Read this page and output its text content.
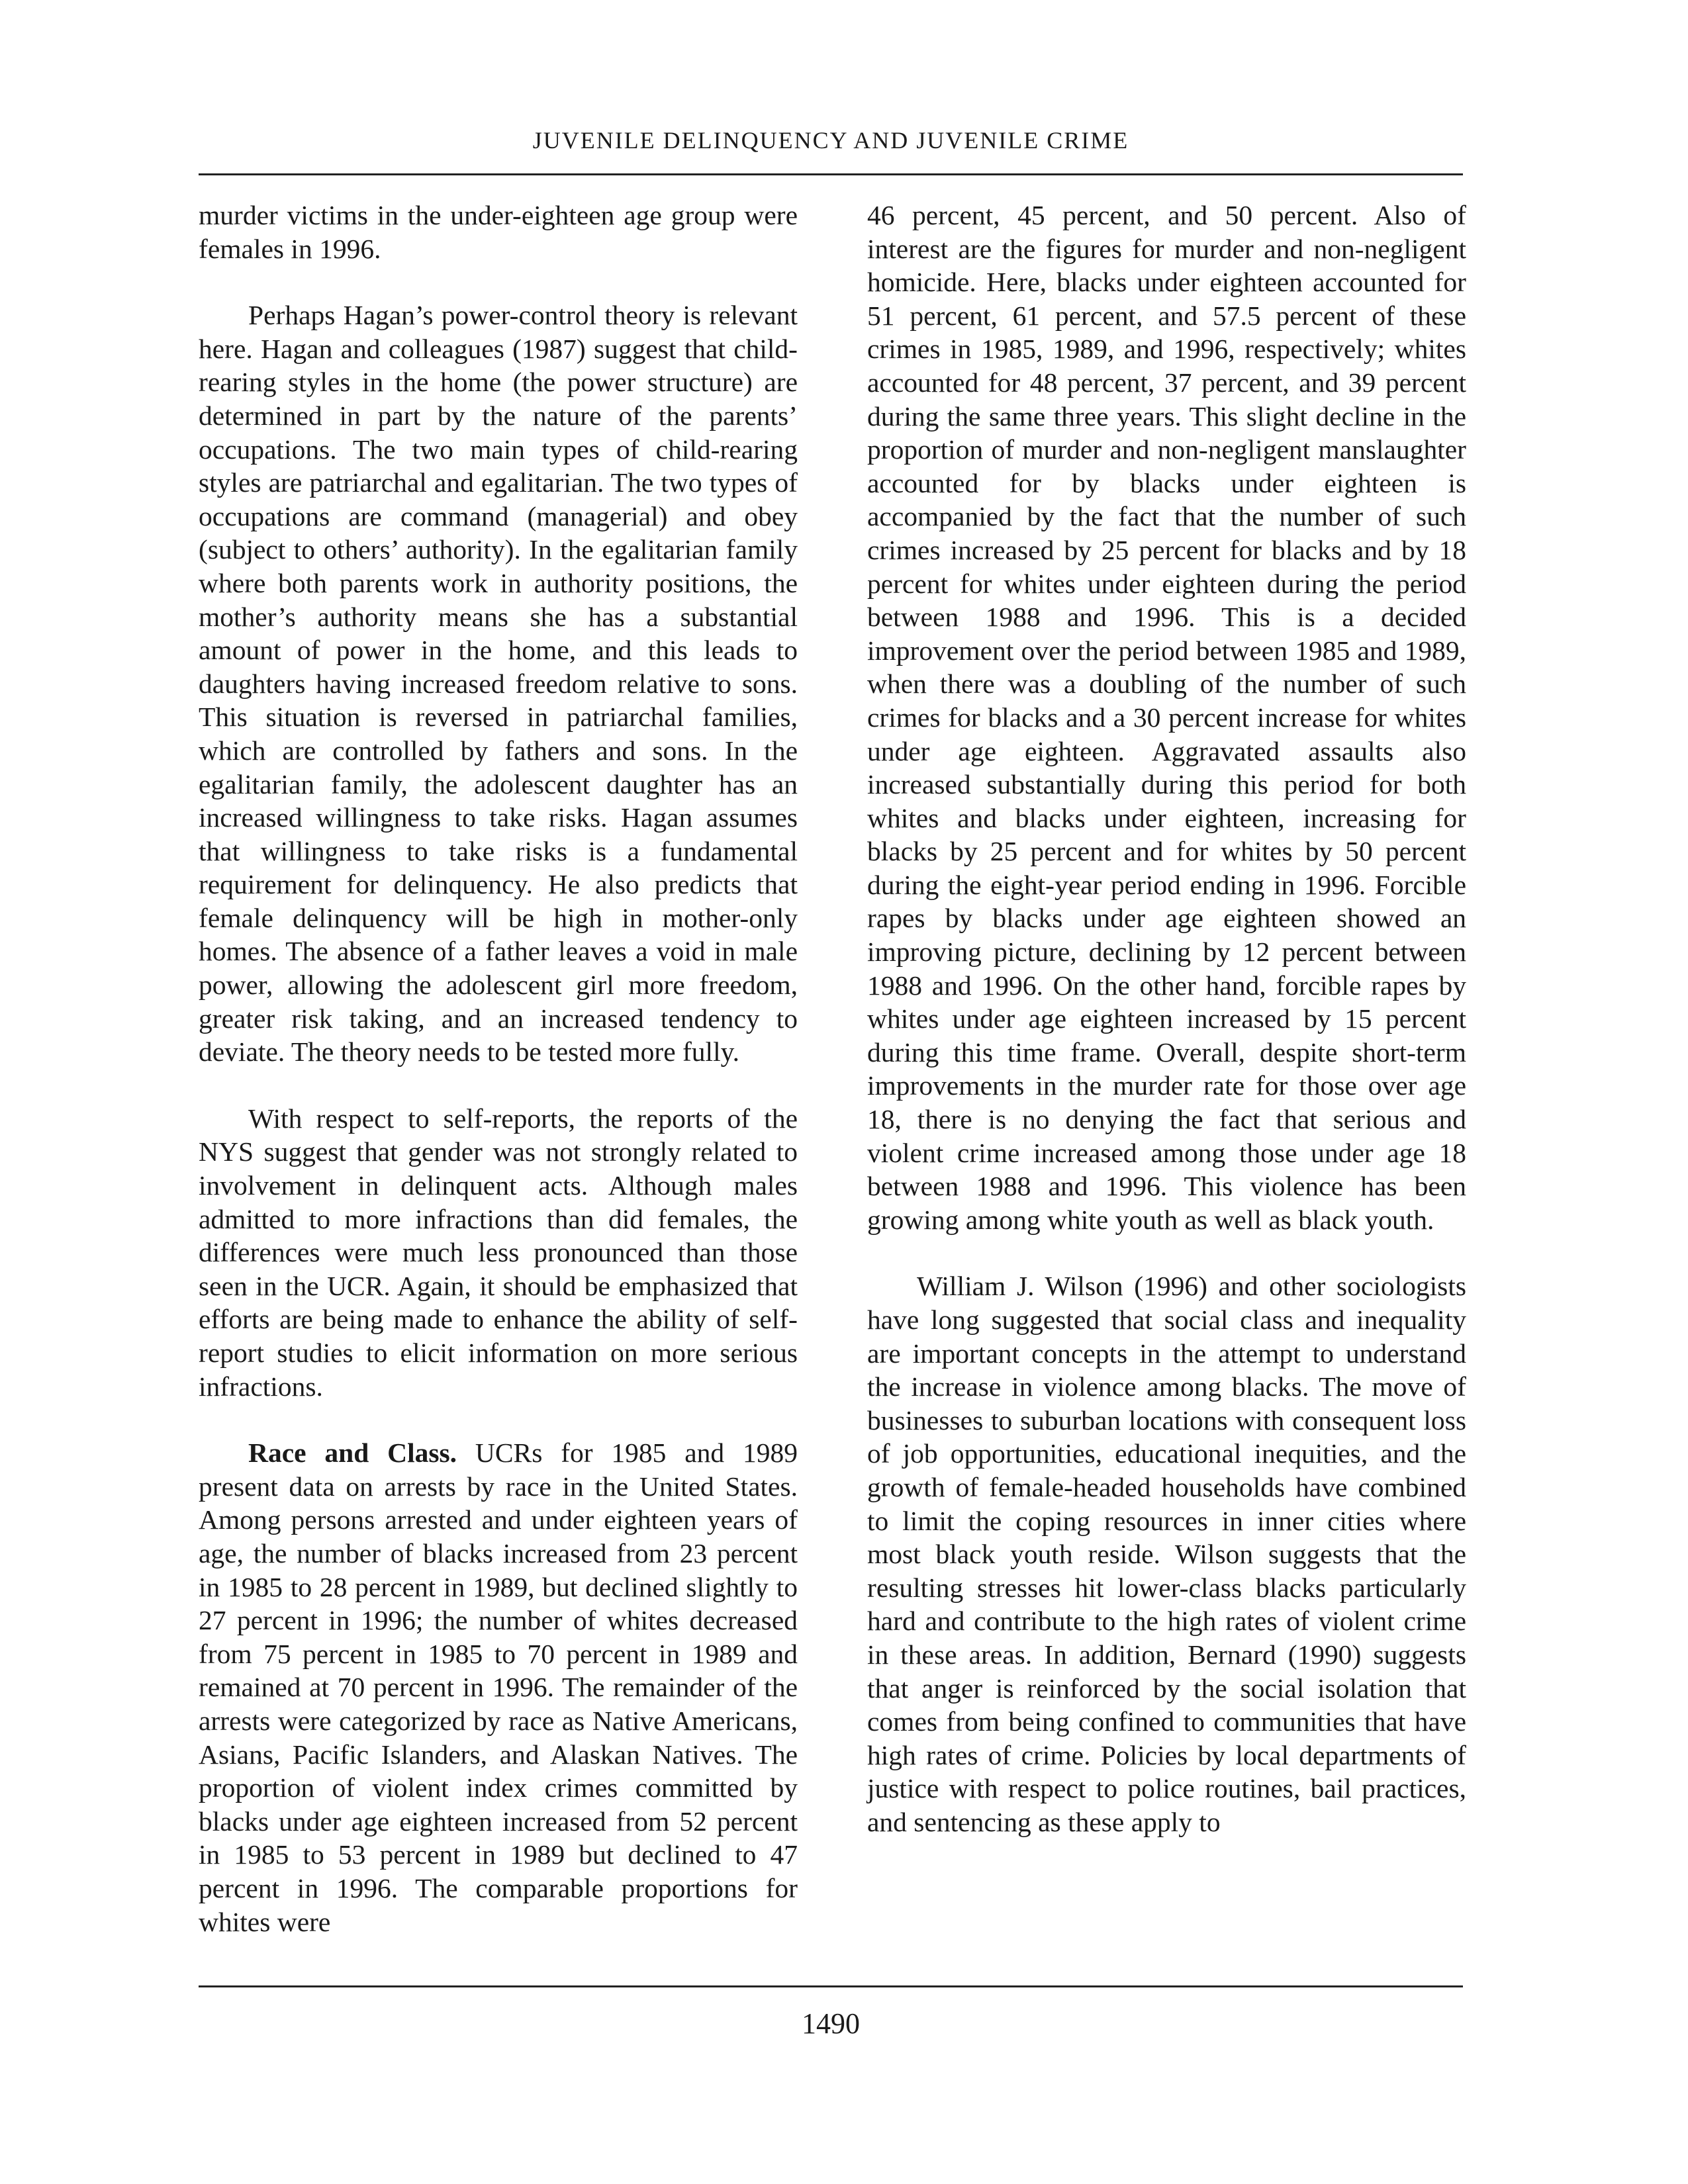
JUVENILE DELINQUENCY AND JUVENILE CRIME

murder victims in the under-eighteen age group were females in 1996.

Perhaps Hagan’s power-control theory is relevant here. Hagan and colleagues (1987) suggest that child-rearing styles in the home (the power structure) are determined in part by the nature of the parents’ occupations. The two main types of child-rearing styles are patriarchal and egalitarian. The two types of occupations are command (managerial) and obey (subject to others’ authority). In the egalitarian family where both parents work in authority positions, the mother’s authority means she has a substantial amount of power in the home, and this leads to daughters having increased freedom relative to sons. This situation is reversed in patriarchal families, which are controlled by fathers and sons. In the egalitarian family, the adolescent daughter has an increased willingness to take risks. Hagan assumes that willingness to take risks is a fundamental requirement for delinquency. He also predicts that female delinquency will be high in mother-only homes. The absence of a father leaves a void in male power, allowing the adolescent girl more freedom, greater risk taking, and an increased tendency to deviate. The theory needs to be tested more fully.

With respect to self-reports, the reports of the NYS suggest that gender was not strongly related to involvement in delinquent acts. Although males admitted to more infractions than did females, the differences were much less pronounced than those seen in the UCR. Again, it should be emphasized that efforts are being made to enhance the ability of self-report studies to elicit information on more serious infractions.

Race and Class. UCRs for 1985 and 1989 present data on arrests by race in the United States. Among persons arrested and under eighteen years of age, the number of blacks increased from 23 percent in 1985 to 28 percent in 1989, but declined slightly to 27 percent in 1996; the number of whites decreased from 75 percent in 1985 to 70 percent in 1989 and remained at 70 percent in 1996. The remainder of the arrests were categorized by race as Native Americans, Asians, Pacific Islanders, and Alaskan Natives. The proportion of violent index crimes committed by blacks under age eighteen increased from 52 percent in 1985 to 53 percent in 1989 but declined to 47 percent in 1996. The comparable proportions for whites were

46 percent, 45 percent, and 50 percent. Also of interest are the figures for murder and non-negligent homicide. Here, blacks under eighteen accounted for 51 percent, 61 percent, and 57.5 percent of these crimes in 1985, 1989, and 1996, respectively; whites accounted for 48 percent, 37 percent, and 39 percent during the same three years. This slight decline in the proportion of murder and non-negligent manslaughter accounted for by blacks under eighteen is accompanied by the fact that the number of such crimes increased by 25 percent for blacks and by 18 percent for whites under eighteen during the period between 1988 and 1996. This is a decided improvement over the period between 1985 and 1989, when there was a doubling of the number of such crimes for blacks and a 30 percent increase for whites under age eighteen. Aggravated assaults also increased substantially during this period for both whites and blacks under eighteen, increasing for blacks by 25 percent and for whites by 50 percent during the eight-year period ending in 1996. Forcible rapes by blacks under age eighteen showed an improving picture, declining by 12 percent between 1988 and 1996. On the other hand, forcible rapes by whites under age eighteen increased by 15 percent during this time frame. Overall, despite short-term improvements in the murder rate for those over age 18, there is no denying the fact that serious and violent crime increased among those under age 18 between 1988 and 1996. This violence has been growing among white youth as well as black youth.

William J. Wilson (1996) and other sociologists have long suggested that social class and inequality are important concepts in the attempt to understand the increase in violence among blacks. The move of businesses to suburban locations with consequent loss of job opportunities, educational inequities, and the growth of female-headed households have combined to limit the coping resources in inner cities where most black youth reside. Wilson suggests that the resulting stresses hit lower-class blacks particularly hard and contribute to the high rates of violent crime in these areas. In addition, Bernard (1990) suggests that anger is reinforced by the social isolation that comes from being confined to communities that have high rates of crime. Policies by local departments of justice with respect to police routines, bail practices, and sentencing as these apply to

1490
